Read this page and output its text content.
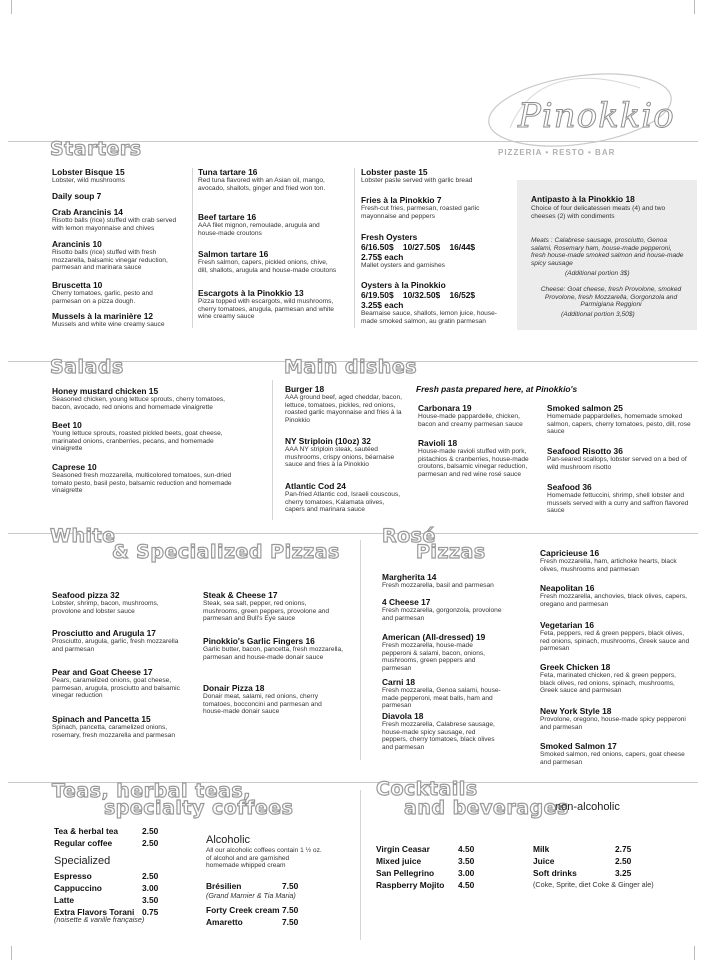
Pinokkio
PIZZERIA • RESTO • BAR
Starters
Lobster Bisque 15
Lobster, wild mushrooms
Daily soup 7
Crab Arancinis 14
Risotto balls (rice) stuffed with crab served with lemon mayonnaise and chives
Arancinis 10
Risotto balls (rice) stuffed with fresh mozzarella, balsamic vinegar reduction, parmesan and marinara sauce
Bruscetta 10
Cherry tomatoes, garlic, pesto and parmesan on a pizza dough.
Mussels à la marinière 12
Mussels and white wine creamy sauce
Tuna tartare 16
Red tuna flavored with an Asian oil, mango, avocado, shallots, ginger and fried won ton.
Beef tartare 16
AAA filet mignon, remoulade, arugula and house-made croutons
Salmon tartare 16
Fresh salmon, capers, pickled onions, chive, dill, shallots, arugula and house-made croutons
Escargots à la Pinokkio 13
Pizza topped with escargots, wild mushrooms, cherry tomatoes, arugula, parmesan and white wine creamy sauce
Lobster paste 15
Lobster paste served with garlic bread
Fries à la Pinokkio 7
Fresh-cut fries, parmesan, roasted garlic mayonnaise and peppers
Fresh Oysters
6/16.50$    10/27.50$    16/44$
2.75$ each
Mallet oysters and garnishes
Oysters à la Pinokkio
6/19.50$    10/32.50$    16/52$
3.25$ each
Bearnaise sauce, shallots, lemon juice, house-made smoked salmon, au gratin parmesan
Antipasto à la Pinokkio 18
Choice of four delicatessen meats (4) and two cheeses (2) with condiments
Meats : Calabrese sausage, prosciutto, Genoa salami, Rosemary ham, house-made pepperoni, fresh house-made smoked salmon and house-made spicy sausage
(Additional portion 3$)
Cheese: Goat cheese, fresh Provolone, smoked Provolone, fresh Mozzarella, Gorgonzola and Parmigiana Reggioni
(Additional portion 3,50$)
Salads	Main dishes
Fresh pasta prepared here, at Pinokkio's
Honey mustard chicken 15
Seasoned chicken, young lettuce sprouts, cherry tomatoes, bacon, avocado, red onions and homemade vinaigrette
Beet 10
Young lettuce sprouts, roasted pickled beets, goat cheese, marinated onions, cranberries, pecans, and homemade vinaigrette
Caprese 10
Seasoned fresh mozzarella, multicolored tomatoes, sun-dried tomato pesto, basil pesto, balsamic reduction and homemade vinaigrette
Burger 18
AAA ground beef, aged cheddar, bacon, lettuce, tomatoes, pickles, red onions, roasted garlic mayonnaise and fries à la Pinokkio
NY Striploin (10oz) 32
AAA NY striploin steak, sautéed mushrooms, crispy onions, béarnaise sauce and fries à la Pinokkio
Atlantic Cod 24
Pan-fried Atlantic cod, Israeli couscous, cherry tomatoes, Kalamata olives, capers and marinara sauce
Carbonara 19
House-made pappardelle, chicken, bacon and creamy parmesan sauce
Ravioli 18
House-made ravioli stuffed with pork, pistachios & cranberries, house-made croutons, balsamic vinegar reduction, parmesan and red wine rosé sauce
Smoked salmon 25
Homemade pappardelles, homemade smoked salmon, capers, cherry tomatoes, pesto, dill, rose sauce
Seafood Risotto 36
Pan-seared scallops, lobster served on a bed of wild mushroom risotto
Seafood 36
Homemade fettuccini, shrimp, shell lobster and mussels served with a curry and saffron flavored sauce
White
& Specialized Pizzas
Rosé
Pizzas
Seafood pizza 32
Lobster, shrimp, bacon, mushrooms, provolone and lobster sauce
Prosciutto and Arugula 17
Prosciutto, arugula, garlic, fresh mozzarella and parmesan
Pear and Goat Cheese 17
Pears, caramelized onions, goat cheese, parmesan, arugula, prosciutto and balsamic vinegar reduction
Spinach and Pancetta 15
Spinach, pancetta, caramelized onions, rosemary, fresh mozzarella and parmesan
Steak & Cheese 17
Steak, sea salt, pepper, red onions, mushrooms, green peppers, provolone and parmesan and Bull's Eye sauce
Pinokkio's Garlic Fingers 16
Garlic butter, bacon, pancetta, fresh mozzarella, parmesan and house-made donair sauce
Donair Pizza 18
Donair meat, salami, red onions, cherry tomatoes, bocconcini and parmesan and house-made donair sauce
Margherita 14
Fresh mozzarella, basil and parmesan
4 Cheese 17
Fresh mozzarella, gorgonzola, provolone and parmesan
American (All-dressed) 19
Fresh mozzarella, house-made pepperoni & salami, bacon, onions, mushrooms, green peppers and parmesan
Carni 18
Fresh mozzarella, Genoa salami, house-made pepperoni, meat balls, ham and parmesan
Diavola 18
Fresh mozzarella, Calabrese sausage, house-made spicy sausage, red peppers, cherry tomatoes, black olives and parmesan
Capricieuse 16
Fresh mozzarella, ham, artichoke hearts, black olives, mushrooms and parmesan
Neapolitan 16
Fresh mozzarella, anchovies, black olives, capers, oregano and parmesan
Vegetarian 16
Feta, peppers, red & green peppers, black olives, red onions, spinach, mushrooms, Greek sauce and parmesan
Greek Chicken 18
Feta, marinated chicken, red & green peppers, black olives, red onions, spinach, mushrooms, Greek sauce and parmesan
New York Style 18
Provolone, oregono, house-made spicy pepperoni and parmesan
Smoked Salmon 17
Smoked salmon, red onions, capers, goat cheese and parmesan
Teas, herbal teas,
specialty coffees
Cocktails
and beverages
non-alcoholic
Tea & herbal tea	2.50
Regular coffee	2.50
Espresso	2.50
Cappuccino	3.00
Latte	3.50
Extra Flavors Torani 0.75
Specialized
(noisette & vanille française)
Alcoholic
All our alcoholic coffees contain 1 ½ oz. of alcohol and are garnished homemade whipped cream
Brésilien	7.50
(Grand Marnier & Tia Maria)
Forty Creek cream 7.50
Amaretto	7.50
Virgin Ceasar	4.50
Mixed juice	3.50
San Pellegrino	3.00
Raspberry Mojito 4.50
Milk	2.75
Juice	2.50
Soft drinks	3.25
(Coke, Sprite, diet Coke & Ginger ale)
